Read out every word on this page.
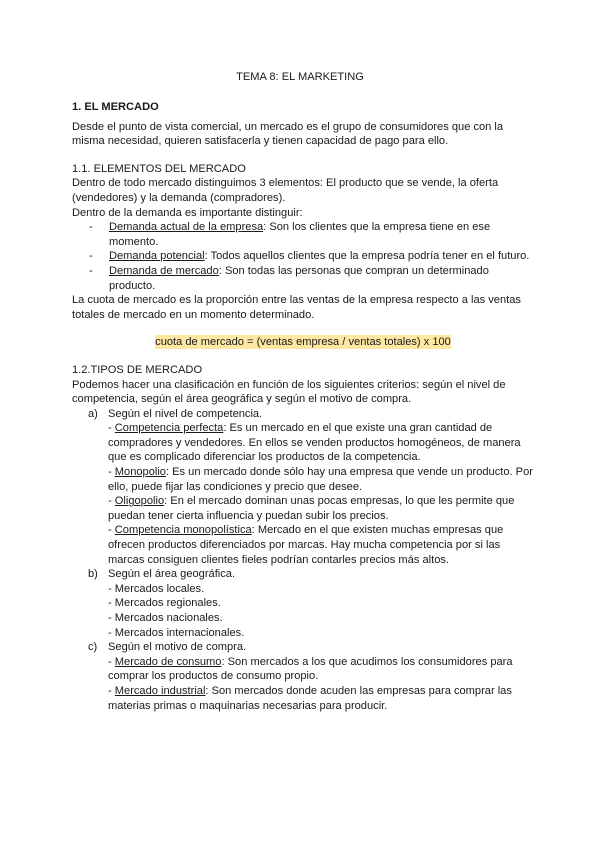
TEMA 8: EL MARKETING

1. EL MERCADO

Desde el punto de vista comercial, un mercado es el grupo de consumidores que con la misma necesidad, quieren satisfacerla y tienen capacidad de pago para ello.

1.1. ELEMENTOS DEL MERCADO

Dentro de todo mercado distinguimos 3 elementos: El producto que se vende, la oferta (vendedores) y la demanda (compradores).

Dentro de la demanda es importante distinguir:

- Demanda actual de la empresa: Son los clientes que la empresa tiene en ese momento.
- Demanda potencial: Todos aquellos clientes que la empresa podría tener en el futuro.
- Demanda de mercado: Son todas las personas que compran un determinado producto.

La cuota de mercado es la proporción entre las ventas de la empresa respecto a las ventas totales de mercado en un momento determinado.

cuota de mercado = (ventas empresa / ventas totales) x 100

1.2.TIPOS DE MERCADO

Podemos hacer una clasificación en función de los siguientes criterios: según el nivel de competencia, según el área geográfica y según el motivo de compra.

a) Según el nivel de competencia.
- Competencia perfecta: Es un mercado en el que existe una gran cantidad de compradores y vendedores. En ellos se venden productos homogéneos, de manera que es complicado diferenciar los productos de la competencia.
- Monopolio: Es un mercado donde sólo hay una empresa que vende un producto. Por ello, puede fijar las condiciones y precio que desee.
- Oligopolio: En el mercado dominan unas pocas empresas, lo que les permite que puedan tener cierta influencia y puedan subir los precios.
- Competencia monopolística: Mercado en el que existen muchas empresas que ofrecen productos diferenciados por marcas. Hay mucha competencia por si las marcas consiguen clientes fieles podrían contarles precios más altos.
b) Según el área geográfica.
- Mercados locales.
- Mercados regionales.
- Mercados nacionales.
- Mercados internacionales.
c) Según el motivo de compra.
- Mercado de consumo: Son mercados a los que acudimos los consumidores para comprar los productos de consumo propio.
- Mercado industrial: Son mercados donde acuden las empresas para comprar las materias primas o maquinarias necesarias para producir.
